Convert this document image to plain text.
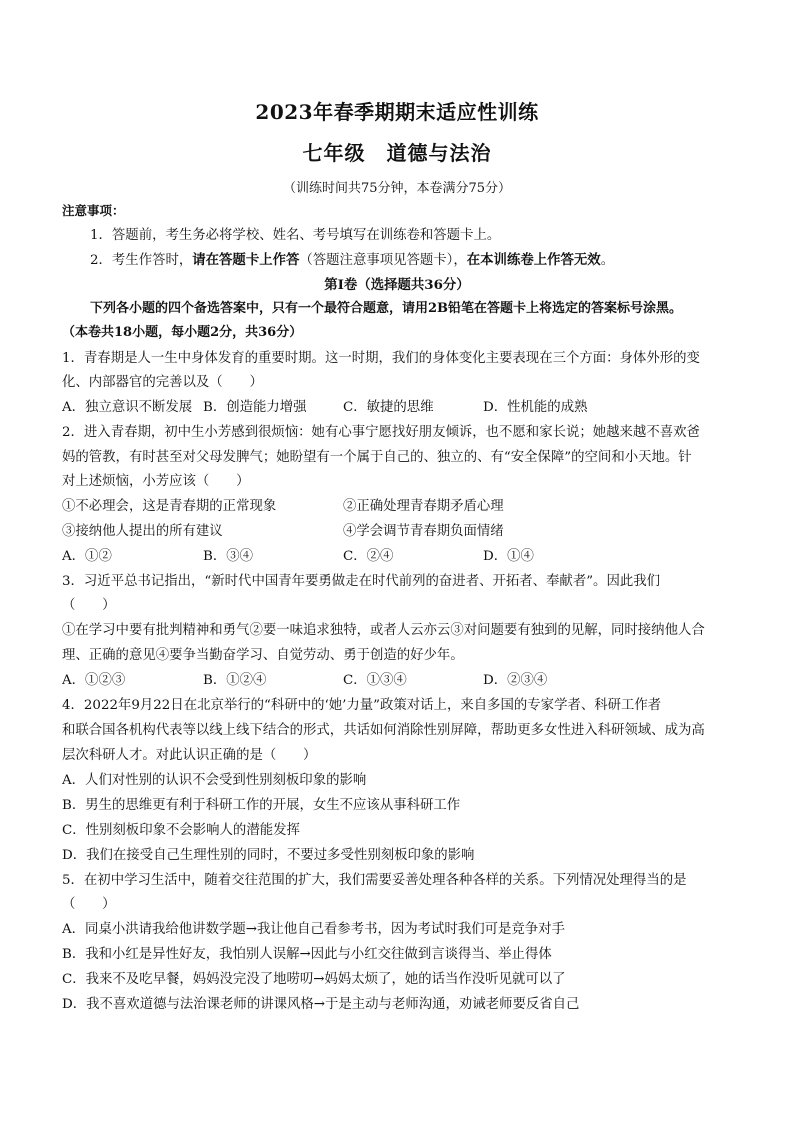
2023年春季期期末适应性训练
七年级　道德与法治
（训练时间共75分钟，本卷满分75分）
注意事项：
1．答题前，考生务必将学校、姓名、考号填写在训练卷和答题卡上。
2．考生作答时，请在答题卡上作答（答题注意事项见答题卡），在本训练卷上作答无效。
第Ⅰ卷（选择题共36分）
下列各小题的四个备选答案中，只有一个最符合题意，请用2B铅笔在答题卡上将选定的答案标号涂黑。
（本卷共18小题，每小题2分，共36分）
1．青春期是人一生中身体发育的重要时期。这一时期，我们的身体变化主要表现在三个方面：身体外形的变
化、内部器官的完善以及（　　）
A．独立意识不断发展 B．创造能力增强	C．敏捷的思维	D．性机能的成熟
2．进入青春期，初中生小芳感到很烦恼：她有心事宁愿找好朋友倾诉，也不愿和家长说；她越来越不喜欢爸
妈的管教，有时甚至对父母发脾气；她盼望有一个属于自己的、独立的、有“安全保障”的空间和小天地。针
对上述烦恼，小芳应该（　　）
①不必理会，这是青春期的正常现象	②正确处理青春期矛盾心理
③接纳他人提出的所有建议	④学会调节青春期负面情绪
A．①②	B．③④	C．②④	D．①④
3．习近平总书记指出，“新时代中国青年要勇做走在时代前列的奋进者、开拓者、奉献者”。因此我们
（　　）
①在学习中要有批判精神和勇气②要一味追求独特，或者人云亦云③对问题要有独到的见解，同时接纳他人合
理、正确的意见④要争当勤奋学习、自觉劳动、勇于创造的好少年。
A．①②③	B．①②④	C．①③④	D．②③④
4．2022年9月22日在北京举行的“科研中的‘她’力量”政策对话上，来自多国的专家学者、科研工作者
和联合国各机构代表等以线上线下结合的形式，共话如何消除性别屏障，帮助更多女性进入科研领域、成为高
层次科研人才。对此认识正确的是（　　）
A．人们对性别的认识不会受到性别刻板印象的影响
B．男生的思维更有利于科研工作的开展，女生不应该从事科研工作
C．性别刻板印象不会影响人的潜能发挥
D．我们在接受自己生理性别的同时，不要过多受性别刻板印象的影响
5．在初中学习生活中，随着交往范围的扩大，我们需要妥善处理各种各样的关系。下列情况处理得当的是
（　　）
A．同桌小洪请我给他讲数学题→我让他自己看参考书，因为考试时我们可是竞争对手
B．我和小红是异性好友，我怕别人误解→因此与小红交往做到言谈得当、举止得体
C．我来不及吃早餐，妈妈没完没了地唠叨→妈妈太烦了，她的话当作没听见就可以了
D．我不喜欢道德与法治课老师的讲课风格→于是主动与老师沟通，劝诫老师要反省自己
